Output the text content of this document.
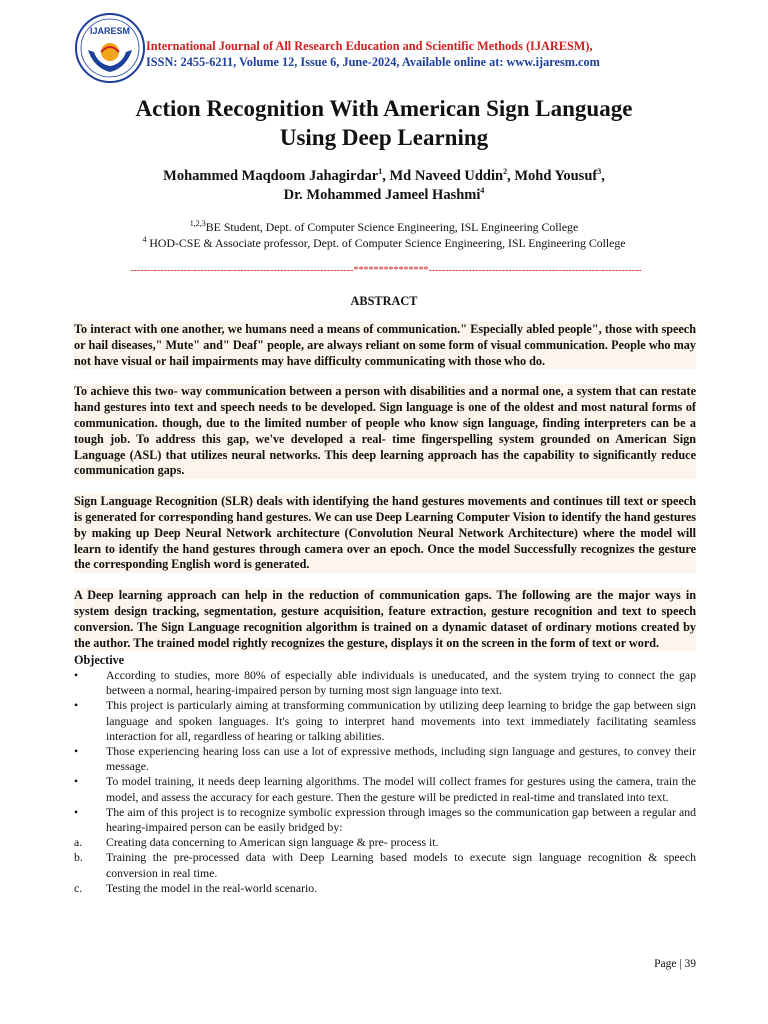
IJARESM
International Journal of All Research Education and Scientific Methods (IJARESM),
ISSN: 2455-6211, Volume 12, Issue 6, June-2024, Available online at: www.ijaresm.com
Action Recognition With American Sign Language
Using Deep Learning
Mohammed Maqdoom Jahagirdar$^1$, Md Naveed Uddin$^2$, Mohd Yousuf$^3$,
Dr. Mohammed Jameel Hashmi$^4$
$^{1,2,3}$BE Student, Dept. of Computer Science Engineering, ISL Engineering College
$^4$ HOD-CSE & Associate professor, Dept. of Computer Science Engineering, ISL Engineering College
-------------------------------------------------------------------***************----------------------------------------------------------------
ABSTRACT

To interact with one another, we humans need a means of communication." Especially abled people", those with speech or hail diseases," Mute" and" Deaf" people, are always reliant on some form of visual communication. People who may not have visual or hail impairments may have difficulty communicating with those who do.

To achieve this two- way communication between a person with disabilities and a normal one, a system that can restate hand gestures into text and speech needs to be developed. Sign language is one of the oldest and most natural forms of communication. though, due to the limited number of people who know sign language, finding interpreters can be a tough job. To address this gap, we've developed a real- time fingerspelling system grounded on American Sign Language (ASL) that utilizes neural networks. This deep learning approach has the capability to significantly reduce communication gaps.

Sign Language Recognition (SLR) deals with identifying the hand gestures movements and continues till text or speech is generated for corresponding hand gestures. We can use Deep Learning Computer Vision to identify the hand gestures by making up Deep Neural Network architecture (Convolution Neural Network Architecture) where the model will learn to identify the hand gestures through camera over an epoch. Once the model Successfully recognizes the gesture the corresponding English word is generated.

A Deep learning approach can help in the reduction of communication gaps. The following are the major ways in system design tracking, segmentation, gesture acquisition, feature extraction, gesture recognition and text to speech conversion. The Sign Language recognition algorithm is trained on a dynamic dataset of ordinary motions created by the author. The trained model rightly recognizes the gesture, displays it on the screen in the form of text or word.

Objective
•	According to studies, more 80% of especially able individuals is uneducated, and the system trying to connect the gap between a normal, hearing-impaired person by turning most sign language into text.
•	This project is particularly aiming at transforming communication by utilizing deep learning to bridge the gap between sign language and spoken languages. It's going to interpret hand movements into text immediately facilitating seamless interaction for all, regardless of hearing or talking abilities.
•	Those experiencing hearing loss can use a lot of expressive methods, including sign language and gestures, to convey their message.
•	To model training, it needs deep learning algorithms. The model will collect frames for gestures using the camera, train the model, and assess the accuracy for each gesture. Then the gesture will be predicted in real-time and translated into text.
•	The aim of this project is to recognize symbolic expression through images so the communication gap between a regular and hearing-impaired person can be easily bridged by:
a.	Creating data concerning to American sign language & pre- process it.
b.	Training the pre-processed data with Deep Learning based models to execute sign language recognition & speech conversion in real time.
c.	Testing the model in the real-world scenario.
Page | 39
